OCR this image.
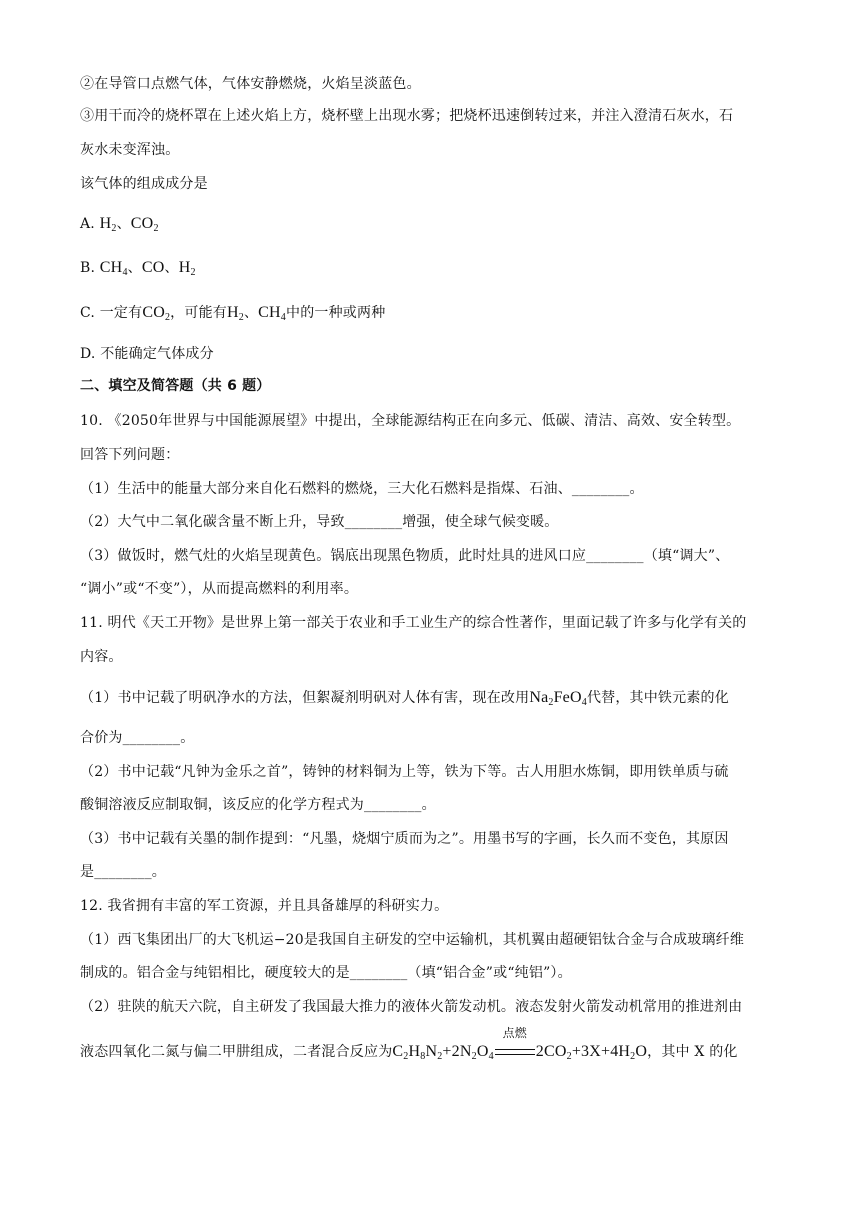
②在导管口点燃气体，气体安静燃烧，火焰呈淡蓝色。
③用干而冷的烧杯罩在上述火焰上方，烧杯壁上出现水雾；把烧杯迅速倒转过来，并注入澄清石灰水，石
灰水未变浑浊。
该气体的组成成分是
A. $H_2$、$CO_2$
B. $CH_4$、CO、$H_2$
C. 一定有$CO_2$，可能有$H_2$、$CH_4$中的一种或两种
D. 不能确定气体成分
二、填空及简答题（共 6 题）
10. 《2050年世界与中国能源展望》中提出，全球能源结构正在向多元、低碳、清洁、高效、安全转型。
回答下列问题：
（1）生活中的能量大部分来自化石燃料的燃烧，三大化石燃料是指煤、石油、________。
（2）大气中二氧化碳含量不断上升，导致________增强，使全球气候变暖。
（3）做饭时，燃气灶的火焰呈现黄色。锅底出现黑色物质，此时灶具的进风口应________（填“调大”、
“调小”或“不变”），从而提高燃料的利用率。
11. 明代《天工开物》是世界上第一部关于农业和手工业生产的综合性著作，里面记载了许多与化学有关的
内容。
（1）书中记载了明矾净水的方法，但絮凝剂明矾对人体有害，现在改用$Na_2FeO_4$代替，其中铁元素的化
合价为________。
（2）书中记载“凡钟为金乐之首”，铸钟的材料铜为上等，铁为下等。古人用胆水炼铜，即用铁单质与硫
酸铜溶液反应制取铜，该反应的化学方程式为________。
（3）书中记载有关墨的制作提到：“凡墨，烧烟宁质而为之”。用墨书写的字画，长久而不变色，其原因
是________。
12. 我省拥有丰富的军工资源，并且具备雄厚的科研实力。
（1）西飞集团出厂的大飞机运−20是我国自主研发的空中运输机，其机翼由超硬铝钛合金与合成玻璃纤维
制成的。铝合金与纯铝相比，硬度较大的是________（填“铝合金”或“纯铝”）。
（2）驻陕的航天六院，自主研发了我国最大推力的液体火箭发动机。液态发射火箭发动机常用的推进剂由
液态四氧化二氮与偏二甲肼组成，二者混合反应为$C_2H_8N_2+2N_2O_4$
点燃
$2CO_2+3X+4H_2O$，其中 X 的化
